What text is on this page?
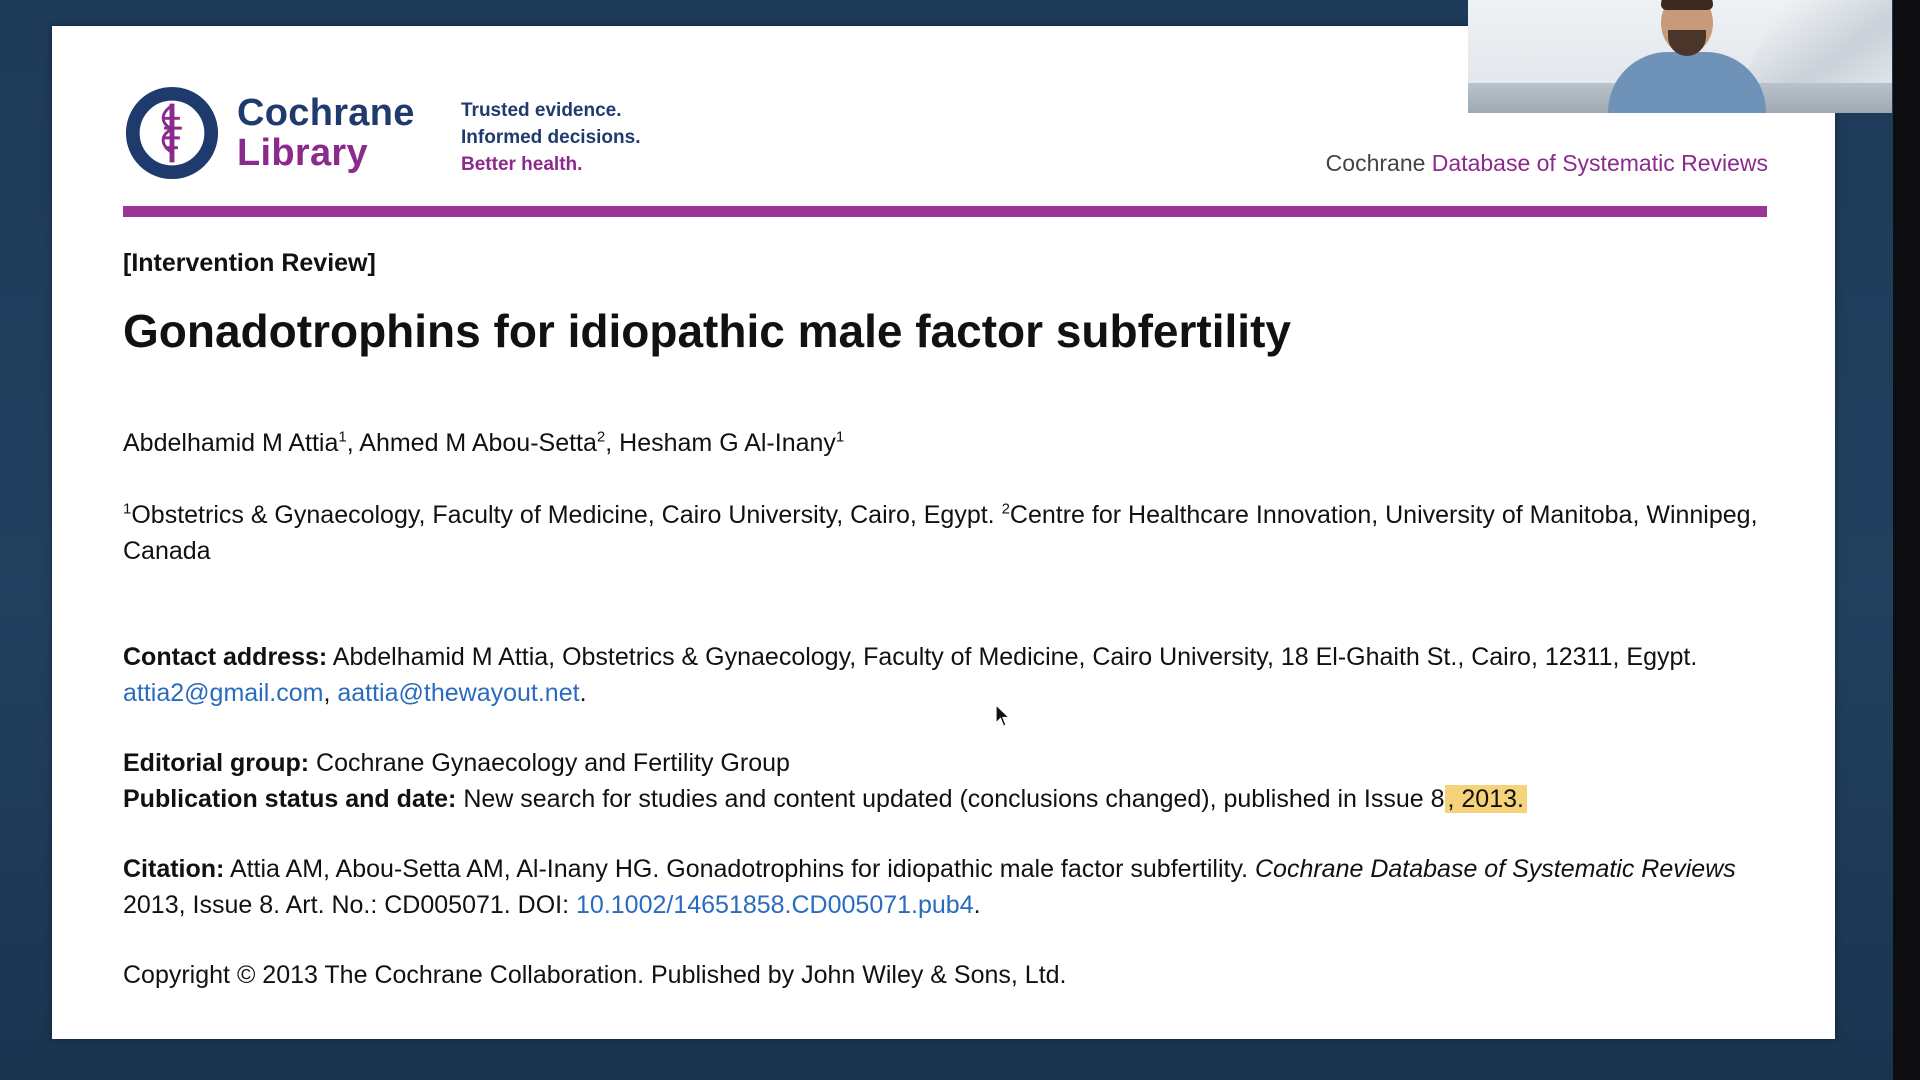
Cochrane
Library
Trusted evidence.
Informed decisions.
Better health.	Cochrane Database of Systematic Reviews
[Intervention Review]
Gonadotrophins for idiopathic male factor subfertility
Abdelhamid M Attia$^1$, Ahmed M Abou-Setta$^2$, Hesham G Al-Inany$^1$
$^1$Obstetrics & Gynaecology, Faculty of Medicine, Cairo University, Cairo, Egypt. $^2$Centre for Healthcare Innovation, University of Manitoba, Winnipeg, Canada
Contact address: Abdelhamid M Attia, Obstetrics & Gynaecology, Faculty of Medicine, Cairo University, 18 El-Ghaith St., Cairo, 12311, Egypt. attia2@gmail.com, aattia@thewayout.net.
Editorial group: Cochrane Gynaecology and Fertility Group
Publication status and date: New search for studies and content updated (conclusions changed), published in Issue 8 , 2013.
Citation: Attia AM, Abou-Setta AM, Al-Inany HG. Gonadotrophins for idiopathic male factor subfertility. Cochrane Database of Systematic Reviews 2013, Issue 8. Art. No.: CD005071. DOI: 10.1002/14651858.CD005071.pub4.
Copyright © 2013 The Cochrane Collaboration. Published by John Wiley & Sons, Ltd.
